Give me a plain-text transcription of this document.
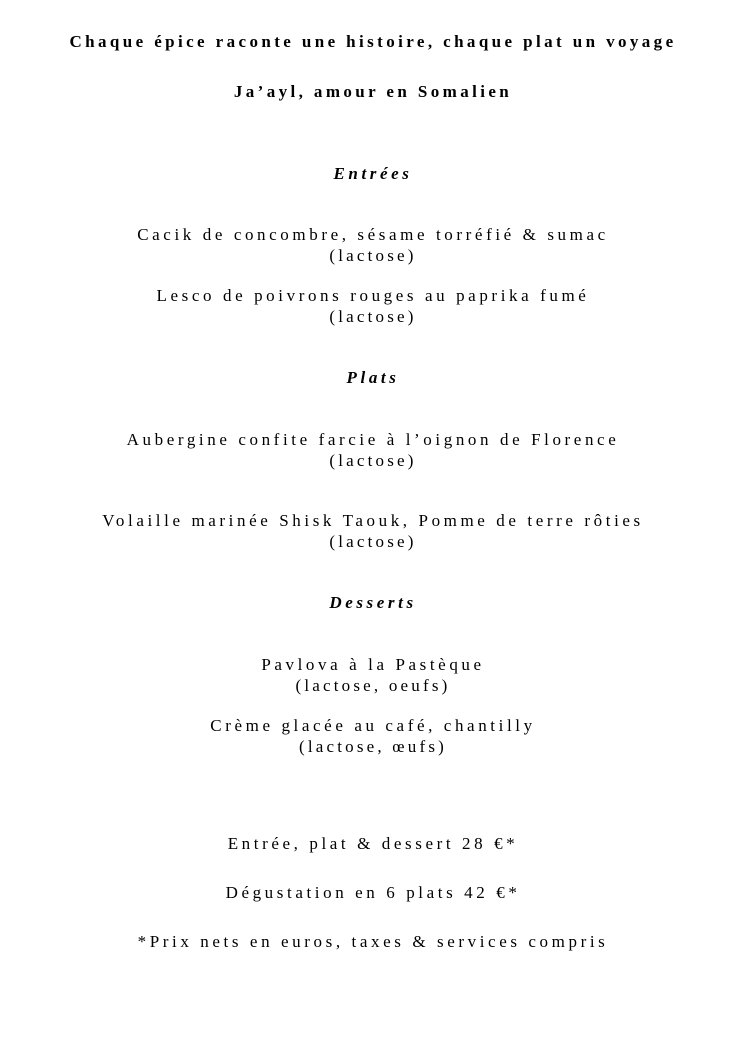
Chaque épice raconte une histoire, chaque plat un voyage
Ja’ayl, amour en Somalien
Entrées
Cacik de concombre, sésame torréfié & sumac
(lactose)
Lesco de poivrons rouges au paprika fumé
(lactose)
Plats
Aubergine confite farcie à l’oignon de Florence
(lactose)
Volaille marinée Shisk Taouk, Pomme de terre rôties
(lactose)
Desserts
Pavlova à la Pastèque
(lactose, oeufs)
Crème glacée au café, chantilly
(lactose, œufs)
Entrée, plat & dessert 28 €*
Dégustation en 6 plats 42 €*
*Prix nets en euros, taxes & services compris
